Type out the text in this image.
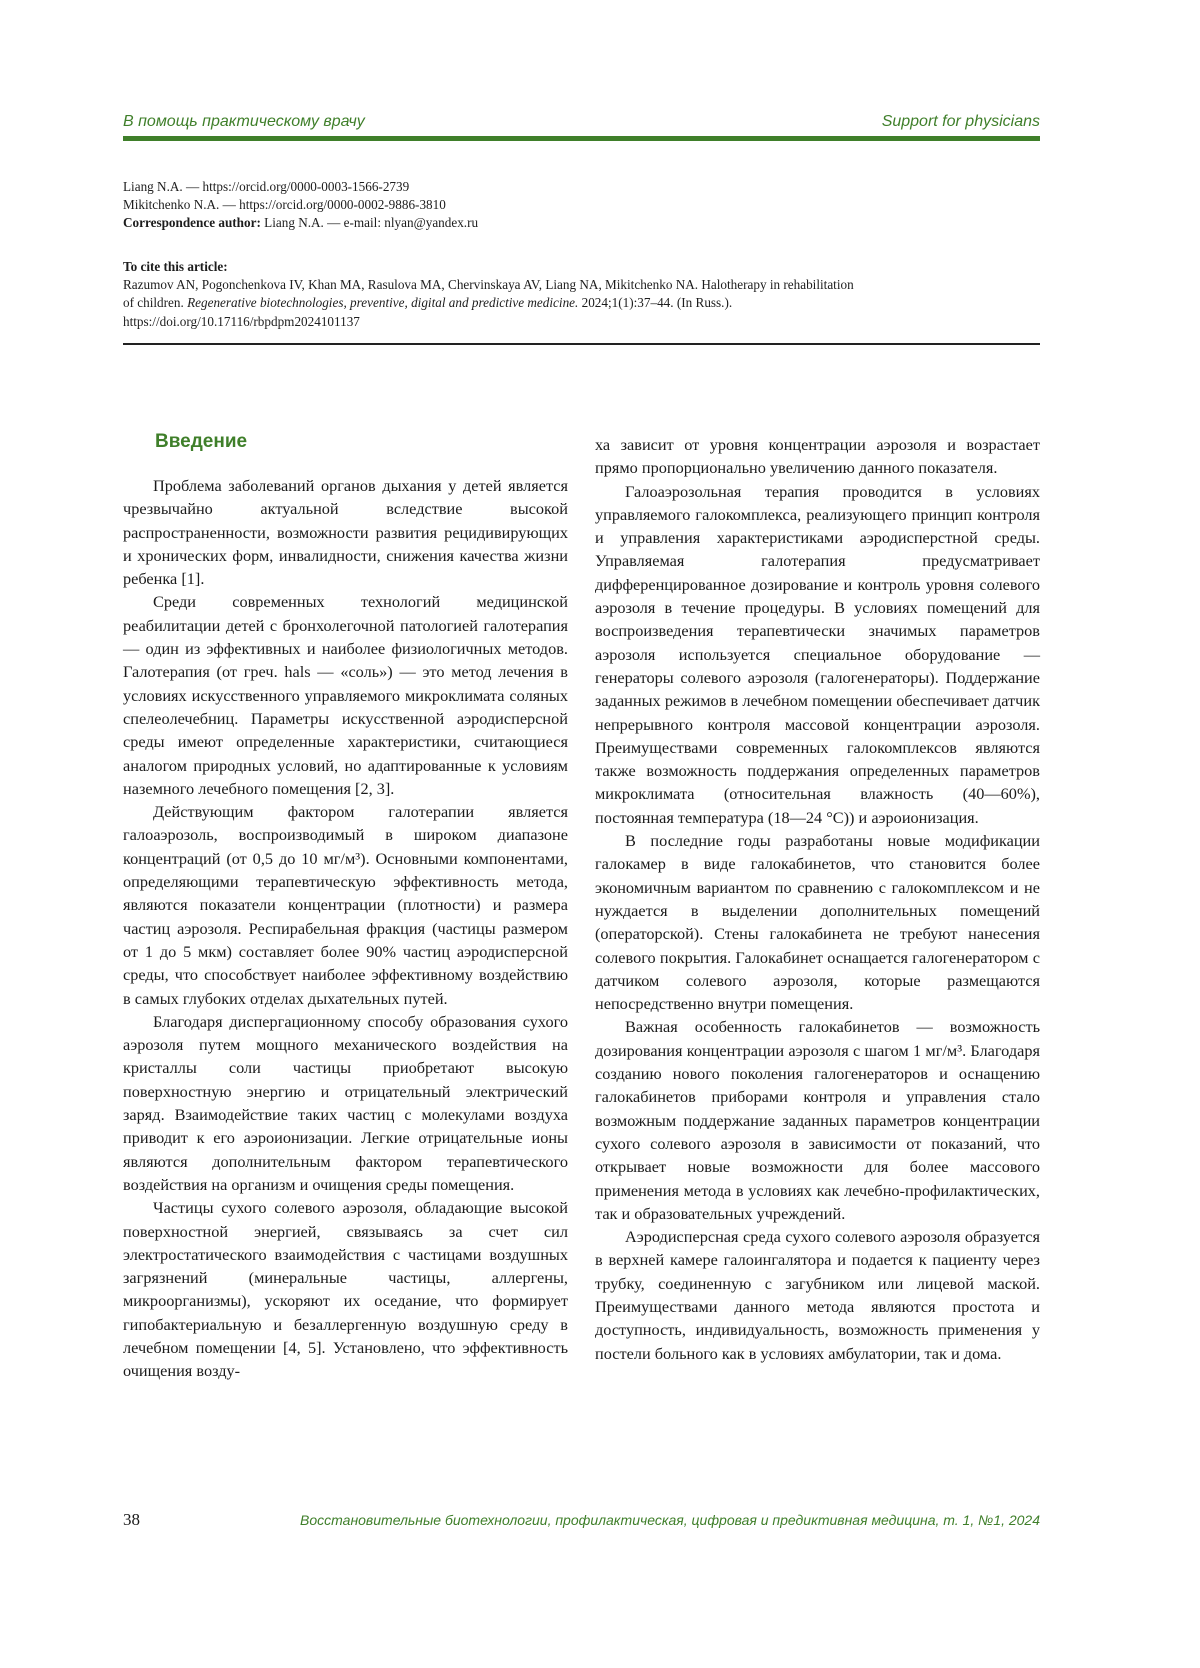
В помощь практическому врачу	Support for physicians
Liang N.A. — https://orcid.org/0000-0003-1566-2739
Mikitchenko N.A. — https://orcid.org/0000-0002-9886-3810
Correspondence author: Liang N.A. — e-mail: nlyan@yandex.ru
To cite this article:
Razumov AN, Pogonchenkova IV, Khan MA, Rasulova MA, Chervinskaya AV, Liang NA, Mikitchenko NA. Halotherapy in rehabilitation
of children. Regenerative biotechnologies, preventive, digital and predictive medicine. 2024;1(1):37–44. (In Russ.).
https://doi.org/10.17116/rbpdpm2024101137
Введение

Проблема заболеваний органов дыхания у детей является чрезвычайно актуальной вследствие высокой распространенности, возможности развития рецидивирующих и хронических форм, инвалидности, снижения качества жизни ребенка [1].

Среди современных технологий медицинской реабилитации детей с бронхолегочной патологией галотерапия — один из эффективных и наиболее физиологичных методов. Галотерапия (от греч. hals — «соль») — это метод лечения в условиях искусственного управляемого микроклимата соляных спелеолечебниц. Параметры искусственной аэродисперсной среды имеют определенные характеристики, считающиеся аналогом природных условий, но адаптированные к условиям наземного лечебного помещения [2, 3].

Действующим фактором галотерапии является галоаэрозоль, воспроизводимый в широком диапазоне концентраций (от 0,5 до 10 мг/м³). Основными компонентами, определяющими терапевтическую эффективность метода, являются показатели концентрации (плотности) и размера частиц аэрозоля. Респирабельная фракция (частицы размером от 1 до 5 мкм) составляет более 90% частиц аэродисперсной среды, что способствует наиболее эффективному воздействию в самых глубоких отделах дыхательных путей.

Благодаря диспергационному способу образования сухого аэрозоля путем мощного механического воздействия на кристаллы соли частицы приобретают высокую поверхностную энергию и отрицательный электрический заряд. Взаимодействие таких частиц с молекулами воздуха приводит к его аэроионизации. Легкие отрицательные ионы являются дополнительным фактором терапевтического воздействия на организм и очищения среды помещения.

Частицы сухого солевого аэрозоля, обладающие высокой поверхностной энергией, связываясь за счет сил электростатического взаимодействия с частицами воздушных загрязнений (минеральные частицы, аллергены, микроорганизмы), ускоряют их оседание, что формирует гипобактериальную и безаллергенную воздушную среду в лечебном помещении [4, 5]. Установлено, что эффективность очищения возду-

ха зависит от уровня концентрации аэрозоля и возрастает прямо пропорционально увеличению данного показателя.

Галоаэрозольная терапия проводится в условиях управляемого галокомплекса, реализующего принцип контроля и управления характеристиками аэродисперстной среды. Управляемая галотерапия предусматривает дифференцированное дозирование и контроль уровня солевого аэрозоля в течение процедуры. В условиях помещений для воспроизведения терапевтически значимых параметров аэрозоля используется специальное оборудование — генераторы солевого аэрозоля (галогенераторы). Поддержание заданных режимов в лечебном помещении обеспечивает датчик непрерывного контроля массовой концентрации аэрозоля. Преимуществами современных галокомплексов являются также возможность поддержания определенных параметров микроклимата (относительная влажность (40—60%), постоянная температура (18—24 °C)) и аэроионизация.

В последние годы разработаны новые модификации галокамер в виде галокабинетов, что становится более экономичным вариантом по сравнению с галокомплексом и не нуждается в выделении дополнительных помещений (операторской). Стены галокабинета не требуют нанесения солевого покрытия. Галокабинет оснащается галогенератором с датчиком солевого аэрозоля, которые размещаются непосредственно внутри помещения.

Важная особенность галокабинетов — возможность дозирования концентрации аэрозоля с шагом 1 мг/м³. Благодаря созданию нового поколения галогенераторов и оснащению галокабинетов приборами контроля и управления стало возможным поддержание заданных параметров концентрации сухого солевого аэрозоля в зависимости от показаний, что открывает новые возможности для более массового применения метода в условиях как лечебно-профилактических, так и образовательных учреждений.

Аэродисперсная среда сухого солевого аэрозоля образуется в верхней камере галоингалятора и подается к пациенту через трубку, соединенную с загубником или лицевой маской. Преимуществами данного метода являются простота и доступность, индивидуальность, возможность применения у постели больного как в условиях амбулатории, так и дома.

38	Восстановительные биотехнологии, профилактическая, цифровая и предиктивная медицина, т. 1, №1, 2024
